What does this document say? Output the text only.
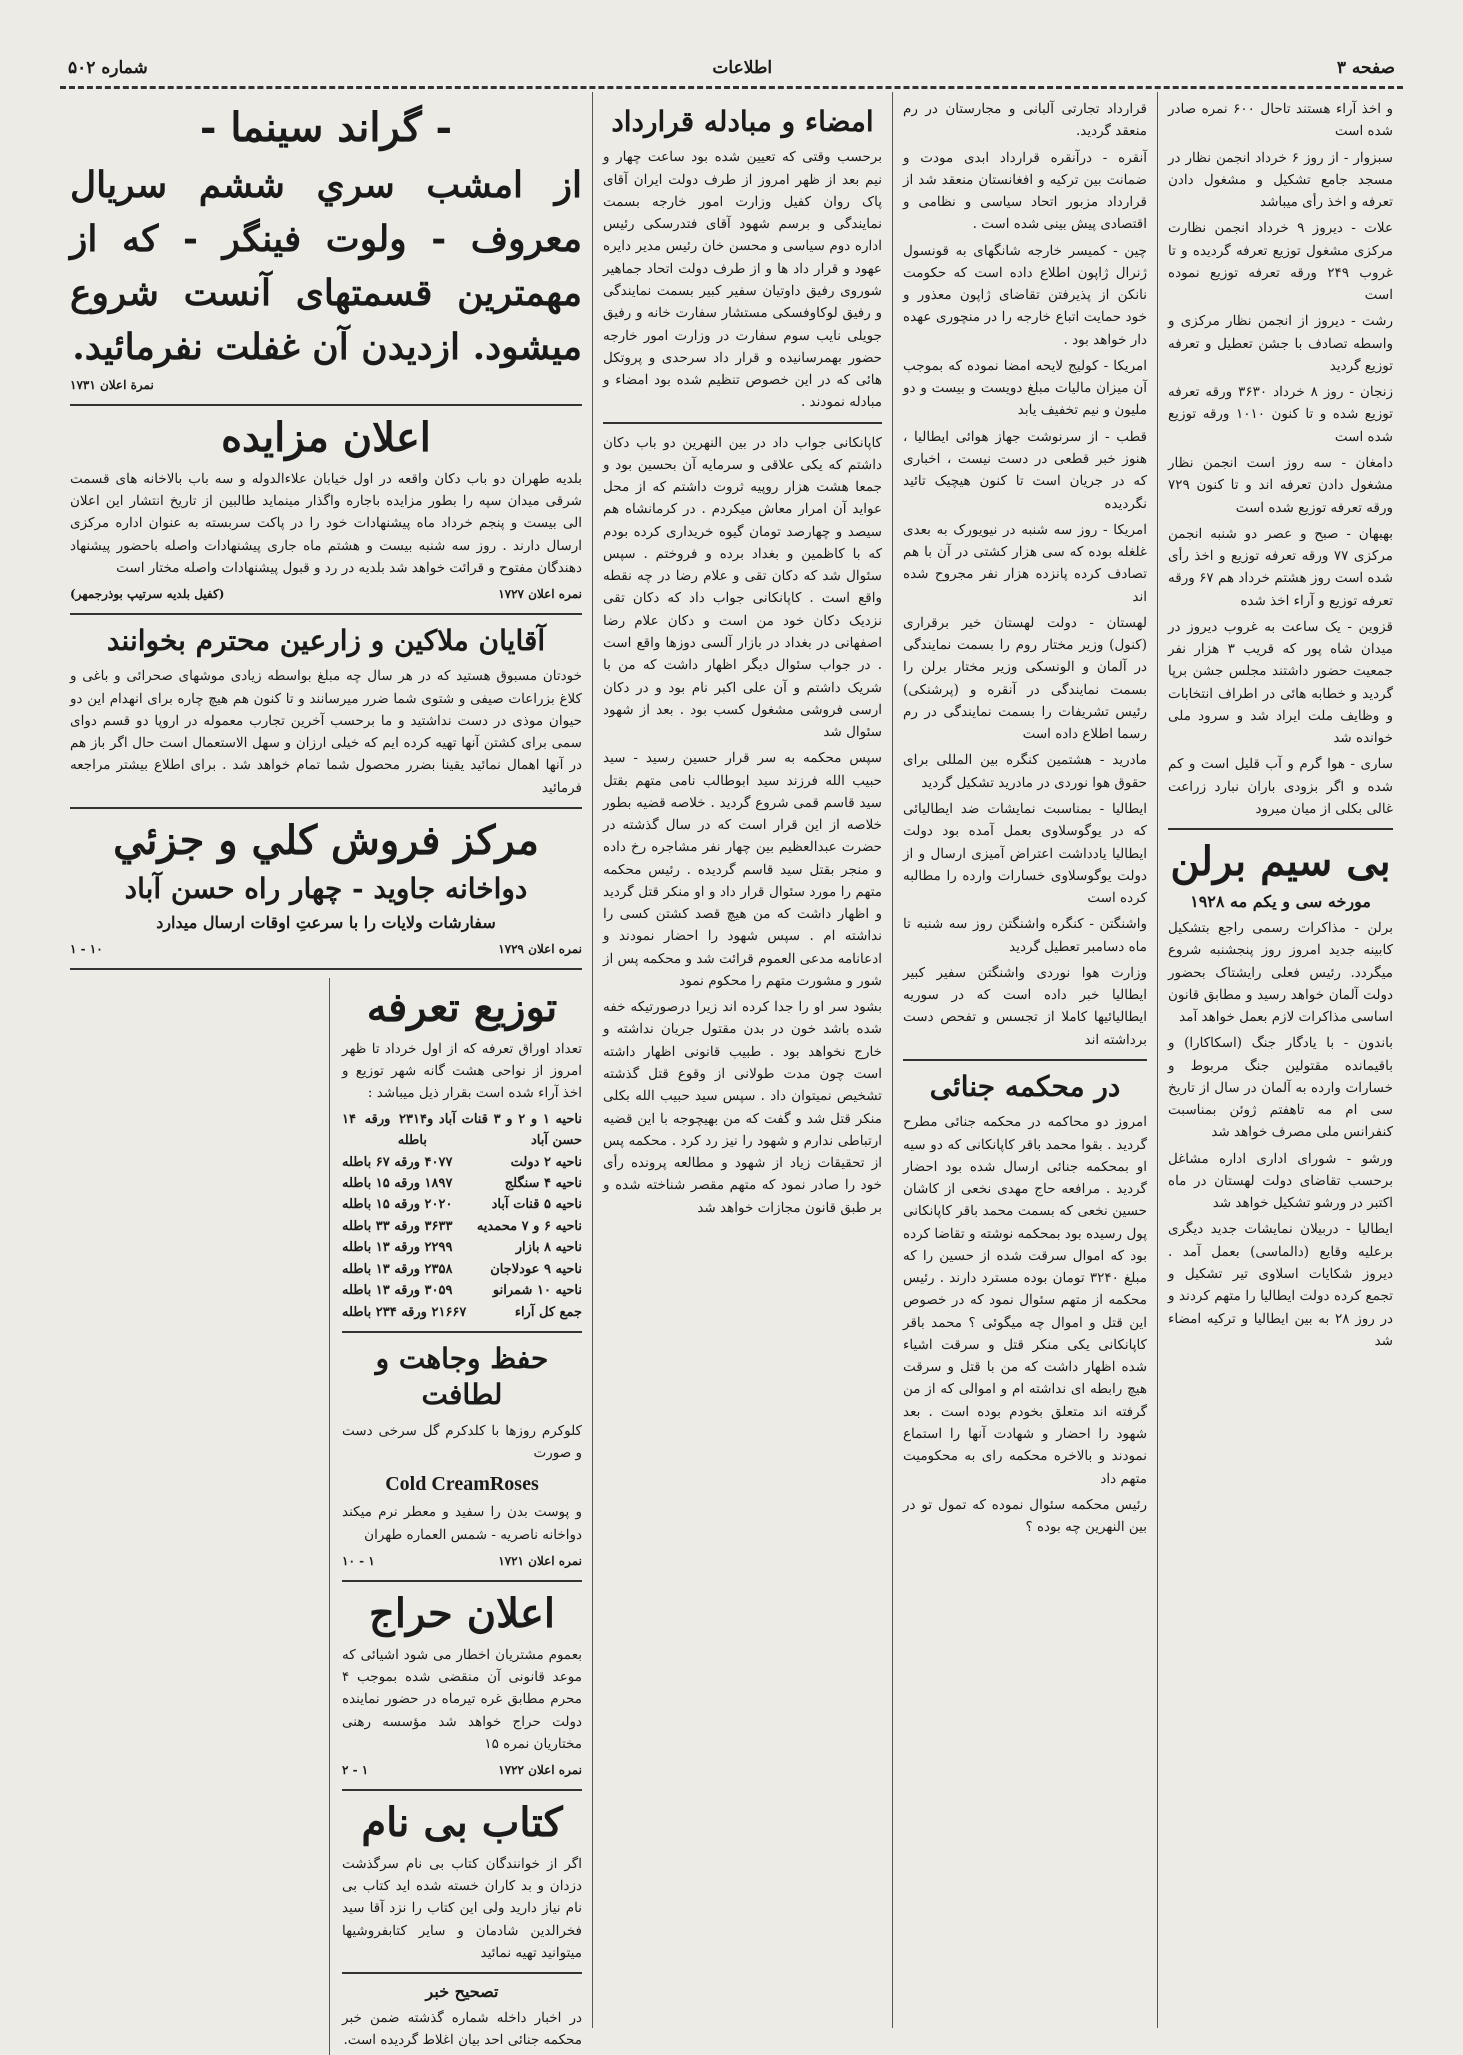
صفحه ۳
اطلاعات
شماره ۵۰۲

و اخذ آراء هستند تاحال ۶۰۰ نمره صادر شده است

سبزوار - از روز ۶ خرداد انجمن نظار در مسجد جامع تشکیل و مشغول دادن تعرفه و اخذ رأی میباشد

علات - دیروز ۹ خرداد انجمن نظارت مرکزی مشغول توزیع تعرفه گردیده و تا غروب ۲۴۹ ورقه تعرفه توزیع نموده است

رشت - دیروز از انجمن نظار مرکزی و واسطه تصادف با جشن تعطیل و تعرفه توزیع گردید

زنجان - روز ۸ خرداد ۳۶۳۰ ورقه تعرفه توزیع شده و تا کنون ۱۰۱۰ ورقه توزیع شده است

دامغان - سه روز است انجمن نظار مشغول دادن تعرفه اند و تا کنون ۷۲۹ ورقه تعرفه توزیع شده است

بهبهان - صبح و عصر دو شنبه انجمن مرکزی ۷۷ ورقه تعرفه توزیع و اخذ رأی شده است روز هشتم خرداد هم ۶۷ ورقه تعرفه توزیع و آراء اخذ شده

قزوین - یک ساعت به غروب دیروز در میدان شاه پور که قریب ۳ هزار نفر جمعیت حضور داشتند مجلس جشن برپا گردید و خطابه هائی در اطراف انتخابات و وظایف ملت ایراد شد و سرود ملی خوانده شد

ساری - هوا گرم و آب قلیل است و کم شده و اگر بزودی باران نبارد زراعت غالی بکلی از میان میرود

بی سیم برلن
مورخه سی و یکم مه ۱۹۲۸

برلن - مذاکرات رسمی راجع بتشکیل کابینه جدید امروز روز پنجشنبه شروع میگردد. رئیس فعلی رایشتاک بحضور دولت آلمان خواهد رسید و مطابق قانون اساسی مذاکرات لازم بعمل خواهد آمد

باندون - با یادگار جنگ (اسکاکارا) و باقیمانده مقتولین جنگ مربوط و خسارات وارده به آلمان در سال از تاریخ سی ام مه تاهفتم ژوئن بمناسبت کنفرانس ملی مصرف خواهد شد

ورشو - شورای اداری اداره مشاغل برحسب تقاضای دولت لهستان در ماه اکتبر در ورشو تشکیل خواهد شد

ایطالیا - دربیلان نمایشات جدید دیگری برعلیه وقایع (دالماسی) بعمل آمد . دیروز شکایات اسلاوی تیر تشکیل و تجمع کرده دولت ایطالیا را متهم کردند و در روز ۲۸ به بین ایطالیا و ترکیه امضاء شد

قرارداد تجارتی آلبانی و مجارستان در رم منعقد گردید.

آنقره - درآنقره قرارداد ابدی مودت و ضمانت بین ترکیه و افغانستان منعقد شد از قرارداد مزبور اتحاد سیاسی و نظامی و اقتصادی پیش بینی شده است .

چین - کمیسر خارجه شانگهای به قونسول ژنرال ژاپون اطلاع داده است که حکومت نانکن از پذیرفتن تقاضای ژاپون معذور و خود حمایت اتباع خارجه را در منچوری عهده دار خواهد بود .

امریکا - کولیج لایحه امضا نموده که بموجب آن میزان مالیات مبلغ دویست و بیست و دو ملیون و نیم تخفیف یابد

قطب - از سرنوشت جهاز هوائی ایطالیا ، هنوز خبر قطعی در دست نیست ، اخباری که در جریان است تا کنون هیچیک تائید نگردیده

امریکا - روز سه شنبه در نیویورک به بعدی غلغله بوده که سی هزار کشتی در آن با هم تصادف کرده پانزده هزار نفر مجروح شده اند

لهستان - دولت لهستان خیر برقراری (کنول) وزیر مختار روم را بسمت نمایندگی در آلمان و الونسکی وزیر مختار برلن را بسمت نمایندگی در آنقره و (پرشنکی) رئیس تشریفات را بسمت نمایندگی در رم رسما اطلاع داده است

مادرید - هشتمین کنگره بین المللی برای حقوق هوا نوردی در مادرید تشکیل گردید

ایطالیا - بمناسبت نمایشات ضد ایطالیائی که در یوگوسلاوی بعمل آمده بود دولت ایطالیا یادداشت اعتراض آمیزی ارسال و از دولت یوگوسلاوی خسارات وارده را مطالبه کرده است

واشنگتن - کنگره واشنگتن روز سه شنبه تا ماه دسامبر تعطیل گردید

وزارت هوا نوردی واشنگتن سفیر کبیر ایطالیا خبر داده است که در سوریه ایطالیائیها کاملا از تجسس و تفحص دست برداشته اند

در محکمه جنائی

امروز دو محاکمه در محکمه جنائی مطرح گردید . بقوا محمد باقر کاپانکانی که دو سیه او بمحکمه جنائی ارسال شده بود احضار گردید . مرافعه حاج مهدی نخعی از کاشان حسین نخعی که بسمت محمد باقر کاپانکانی پول رسیده بود بمحکمه نوشته و تقاضا کرده بود که اموال سرقت شده از حسین را که مبلغ ۳۲۴۰ تومان بوده مسترد دارند . رئیس محکمه از متهم سئوال نمود که در خصوص این قتل و اموال چه میگوئی ؟ محمد باقر کاپانکانی یکی منکر قتل و سرقت اشیاء شده اظهار داشت که من با قتل و سرقت هیچ رابطه ای نداشته ام و اموالی که از من گرفته اند متعلق بخودم بوده است . بعد شهود را احضار و شهادت آنها را استماع نمودند و بالاخره محکمه رای به محکومیت متهم داد

رئیس محکمه سئوال نموده که تمول تو در بین النهرین چه بوده ؟

امضاء و مبادله قرارداد

برحسب وقتی که تعیین شده بود ساعت چهار و نیم بعد از ظهر امروز از طرف دولت ایران آقای پاک روان کفیل وزارت امور خارجه بسمت نمایندگی و برسم شهود آقای فتدرسکی رئیس اداره دوم سیاسی و محسن خان رئیس مدیر دایره عهود و قرار داد ها و از طرف دولت اتحاد جماهیر شوروی رفیق داوتیان سفیر کبیر بسمت نمایندگی و رفیق لوکاوفسکی مستشار سفارت خانه و رفیق جویلی نایب سوم سفارت در وزارت امور خارجه حضور بهمرسانیده و قرار داد سرحدی و پروتکل هائی که در این خصوص تنظیم شده بود امضاء و مبادله نمودند .

کاپانکانی جواب داد در بین النهرین دو باب دکان داشتم که یکی علاقی و سرمایه آن بحسین بود و جمعا هشت هزار روپیه ثروت داشتم که از محل عواید آن امرار معاش میکردم . در کرمانشاه هم سیصد و چهارصد تومان گیوه خریداری کرده بودم که با کاظمین و بغداد برده و فروختم . سپس سئوال شد که دکان تقی و علام رضا در چه نقطه واقع است . کاپانکانی جواب داد که دکان تقی نزدیک دکان خود من است و دکان علام رضا اصفهانی در بغداد در بازار آلسی دوزها واقع است . در جواب سئوال دیگر اظهار داشت که من با شریک داشتم و آن علی اکبر نام بود و در دکان ارسی فروشی مشغول کسب بود . بعد از شهود سئوال شد

سپس محکمه به سر قرار حسین رسید - سید حبیب الله فرزند سید ابوطالب نامی متهم بقتل سید قاسم قمی شروع گردید . خلاصه قضیه بطور خلاصه از این قرار است که در سال گذشته در حضرت عبدالعظیم بین چهار نفر مشاجره رخ داده و منجر بقتل سید قاسم گردیده . رئیس محکمه متهم را مورد سئوال قرار داد و او منکر قتل گردید و اظهار داشت که من هیچ قصد کشتن کسی را نداشته ام . سپس شهود را احضار نمودند و ادعانامه مدعی العموم قرائت شد و محکمه پس از شور و مشورت متهم را محکوم نمود

بشود سر او را جدا کرده اند زیرا درصورتیکه خفه شده باشد خون در بدن مقتول جریان نداشته و خارج نخواهد بود . طبیب قانونی اظهار داشته است چون مدت طولانی از وقوع قتل گذشته تشخیص نمیتوان داد . سپس سید حبیب الله بکلی منکر قتل شد و گفت که من بهیچوجه با این قضیه ارتباطی ندارم و شهود را نیز رد کرد . محکمه پس از تحقیقات زیاد از شهود و مطالعه پرونده رأی خود را صادر نمود که متهم مقصر شناخته شده و بر طبق قانون مجازات خواهد شد

- گراند سینما -
از امشب سري ششم سريال معروف - ولوت فينگر - که از مهمترين قسمتهاى آنست شروع ميشود. ازديدن آن غفلت نفرمائيد.
نمرة اعلان ۱۷۳۱
اعلان مزایده

بلدیه طهران دو باب دکان واقعه در اول خیابان علاءالدوله و سه باب بالاخانه های قسمت شرقی میدان سپه را بطور مزایده باجاره واگذار مینماید طالبین از تاریخ انتشار این اعلان الی بیست و پنجم خرداد ماه پیشنهادات خود را در پاکت سربسته به عنوان اداره مرکزی ارسال دارند . روز سه شنبه بیست و هشتم ماه جاری پیشنهادات واصله باحضور پیشنهاد دهندگان مفتوح و قرائت خواهد شد بلدیه در رد و قبول پیشنهادات واصله مختار است

نمره اعلان ۱۷۲۷
(کفیل بلدیه سرتیپ بوذرجمهر)
آقایان ملاکین و زارعین محترم بخوانند

خودتان مسبوق هستید که در هر سال چه مبلغ بواسطه زیادی موشهای صحرائی و باغی و کلاغ بزراعات صیفی و شتوی شما ضرر میرسانند و تا کنون هم هیچ چاره برای انهدام این دو حیوان موذی در دست نداشتید و ما برحسب آخرین تجارب معموله در اروپا دو قسم دوای سمی برای کشتن آنها تهیه کرده ایم که خیلی ارزان و سهل الاستعمال است حال اگر باز هم در آنها اهمال نمائید یقینا بضرر محصول شما تمام خواهد شد . برای اطلاع بیشتر مراجعه فرمائید

مرکز فروش کلي و جزئي
دواخانه جاويد - چهار راه حسن آباد
سفارشات ولایات را با سرعتِ اوقات ارسال میدارد
نمره اعلان ۱۷۲۹
۱۰ - ۱
توزیع تعرفه

تعداد اوراق تعرفه که از اول خرداد تا ظهر امروز از نواحی هشت گانه شهر توزیع و اخذ آراء شده است بقرار ذیل میباشد :

ناحیه ۱ و ۲ و ۳ قنات آباد و حسن آباد
۲۳۱۴ ورقه ۱۴ باطله
ناحیه ۲ دولت
۴۰۷۷ ورقه ۶۷ باطله
ناحیه ۴ سنگلج
۱۸۹۷ ورقه ۱۵ باطله
ناحیه ۵ قنات آباد
۲۰۲۰ ورقه ۱۵ باطله
ناحیه ۶ و ۷ محمدیه
۳۶۳۳ ورقه ۳۳ باطله
ناحیه ۸ بازار
۲۲۹۹ ورقه ۱۳ باطله
ناحیه ۹ عودلاجان
۲۳۵۸ ورقه ۱۳ باطله
ناحیه ۱۰ شمرانو
۳۰۵۹ ورقه ۱۳ باطله
جمع کل آراء
۲۱۶۶۷ ورقه ۲۳۴ باطله
حفظ وجاهت و لطافت

کلوکرم روزها با کلدکرم گل سرخی دست و صورت

Cold CreamRoses

و پوست بدن را سفید و معطر نرم میکند دواخانه ناصریه - شمس العماره طهران

نمره اعلان ۱۷۲۱
۱ - ۱۰
اعلان حراج

بعموم مشتریان اخطار می شود اشیائی که موعد قانونی آن منقضی شده بموجب ۴ محرم مطابق غره تیرماه در حضور نماینده دولت حراج خواهد شد مؤسسه رهنی مختاریان نمره ۱۵

نمره اعلان ۱۷۲۲
۱ - ۲
کتاب بی نام

اگر از خوانندگان کتاب بی نام سرگذشت دزدان و بد کاران خسته شده اید کتاب بی نام نیاز دارید ولی این کتاب را نزد آقا سید فخرالدین شادمان و سایر کتابفروشیها میتوانید تهیه نمائید

تصحیح خبر

در اخبار داخله شماره گذشته ضمن خبر محکمه جنائی احد بیان اغلاط گردیده است.
